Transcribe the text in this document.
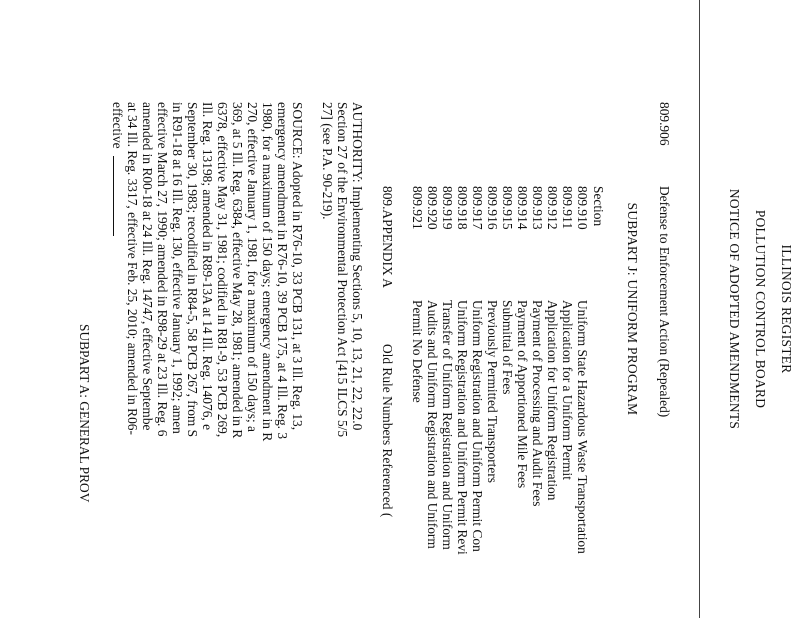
ILLINOIS REGISTER
POLLUTION CONTROL BOARD
NOTICE OF ADOPTED AMENDMENTS
809.906
Defense to Enforcement Action (Repealed)
SUBPART J: UNIFORM PROGRAM
Section
809.910
Uniform State Hazardous Waste Transportation
809.911
Application for a Uniform Permit
809.912
Application for Uniform Registration
809.913
Payment of Processing and Audit Fees
809.914
Payment of Apportioned Mile Fees
809.915
Submittal of Fees
809.916
Previously Permitted Transporters
809.917
Uniform Registration and Uniform Permit Con
809.918
Uniform Registration and Uniform Permit Revi
809.919
Transfer of Uniform Registration and Uniform
809.920
Audits and Uniform Registration and Uniform
809.921
Permit No Defense
809.APPENDIX A
Old Rule Numbers Referenced (
AUTHORITY: Implementing Sections 5, 10, 13, 21, 22, 22.0
Section 27 of the Environmental Protection Act [415 ILCS 5/5
27] (see P.A. 90-219).
SOURCE: Adopted in R76-10, 33 PCB 131, at 3 Ill. Reg. 13,
emergency amendment in R76-10, 39 PCB 175, at 4 Ill. Reg. 3
1980, for a maximum of 150 days; emergency amendment in R
270, effective January 1, 1981, for a maximum of 150 days; a
369, at 5 Ill. Reg. 6384, effective May 28, 1981; amended in R
6378, effective May 31, 1981; codified in R81-9, 53 PCB 269,
Ill. Reg. 13198; amended in R89-13A at 14 Ill. Reg. 14076, e
September 30, 1983; recodified in R84-5, 58 PCB 267, from S
in R91-18 at 16 Ill. Reg. 130, effective January 1, 1992; amen
effective March 27, 1990; amended in R98-29 at 23 Ill. Reg. 6
amended in R00-18 at 24 Ill. Reg. 14747, effective Septembe
at 34 Ill. Reg. 3317, effective Feb. 25, 2010; amended in R06-
effective
SUBPART A: GENERAL PROV
